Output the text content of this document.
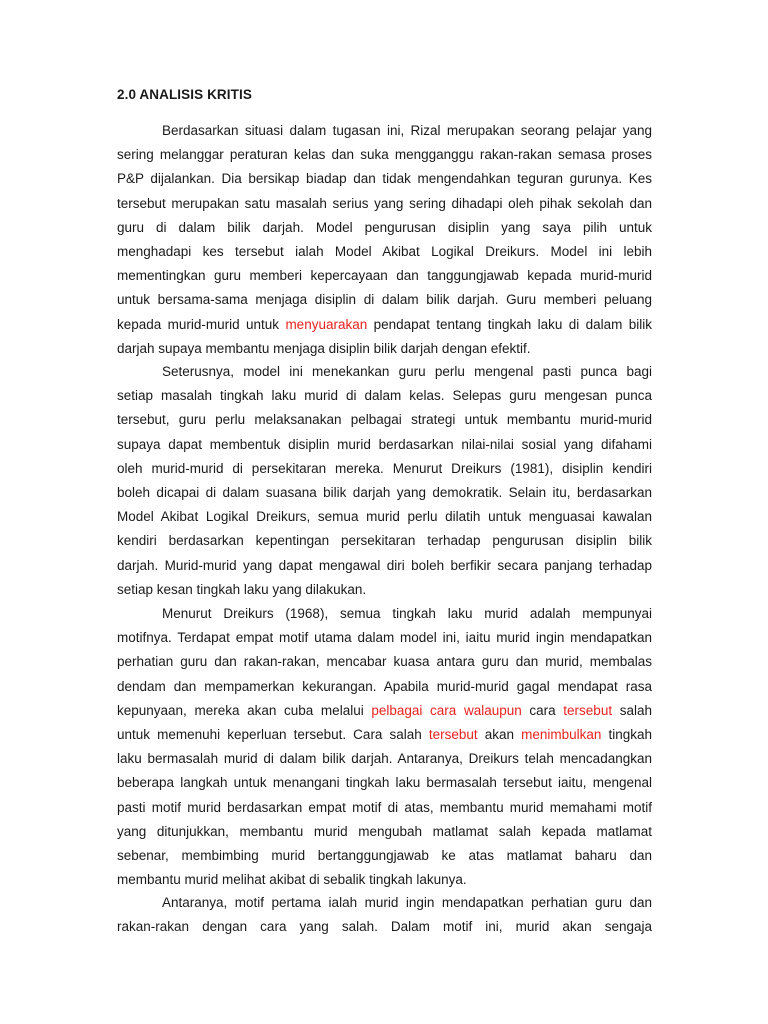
2.0 ANALISIS KRITIS
Berdasarkan situasi dalam tugasan ini, Rizal merupakan seorang pelajar yang
sering melanggar peraturan kelas dan suka mengganggu rakan-rakan semasa proses
P&P dijalankan. Dia bersikap biadap dan tidak mengendahkan teguran gurunya. Kes
tersebut merupakan satu masalah serius yang sering dihadapi oleh pihak sekolah dan
guru di dalam bilik darjah. Model pengurusan disiplin yang saya pilih untuk
menghadapi kes tersebut ialah Model Akibat Logikal Dreikurs. Model ini lebih
mementingkan guru memberi kepercayaan dan tanggungjawab kepada murid-murid
untuk bersama-sama menjaga disiplin di dalam bilik darjah. Guru memberi peluang
kepada murid-murid untuk menyuarakan pendapat tentang tingkah laku di dalam bilik
darjah supaya membantu menjaga disiplin bilik darjah dengan efektif.
Seterusnya, model ini menekankan guru perlu mengenal pasti punca bagi
setiap masalah tingkah laku murid di dalam kelas. Selepas guru mengesan punca
tersebut, guru perlu melaksanakan pelbagai strategi untuk membantu murid-murid
supaya dapat membentuk disiplin murid berdasarkan nilai-nilai sosial yang difahami
oleh murid-murid di persekitaran mereka. Menurut Dreikurs (1981), disiplin kendiri
boleh dicapai di dalam suasana bilik darjah yang demokratik. Selain itu, berdasarkan
Model Akibat Logikal Dreikurs, semua murid perlu dilatih untuk menguasai kawalan
kendiri berdasarkan kepentingan persekitaran terhadap pengurusan disiplin bilik
darjah. Murid-murid yang dapat mengawal diri boleh berfikir secara panjang terhadap
setiap kesan tingkah laku yang dilakukan.
Menurut Dreikurs (1968), semua tingkah laku murid adalah mempunyai
motifnya. Terdapat empat motif utama dalam model ini, iaitu murid ingin mendapatkan
perhatian guru dan rakan-rakan, mencabar kuasa antara guru dan murid, membalas
dendam dan mempamerkan kekurangan. Apabila murid-murid gagal mendapat rasa
kepunyaan, mereka akan cuba melalui pelbagai cara walaupun cara tersebut salah
untuk memenuhi keperluan tersebut. Cara salah tersebut akan menimbulkan tingkah
laku bermasalah murid di dalam bilik darjah. Antaranya, Dreikurs telah mencadangkan
beberapa langkah untuk menangani tingkah laku bermasalah tersebut iaitu, mengenal
pasti motif murid berdasarkan empat motif di atas, membantu murid memahami motif
yang ditunjukkan, membantu murid mengubah matlamat salah kepada matlamat
sebenar, membimbing murid bertanggungjawab ke atas matlamat baharu dan
membantu murid melihat akibat di sebalik tingkah lakunya.
Antaranya, motif pertama ialah murid ingin mendapatkan perhatian guru dan
rakan-rakan dengan cara yang salah. Dalam motif ini, murid akan sengaja
